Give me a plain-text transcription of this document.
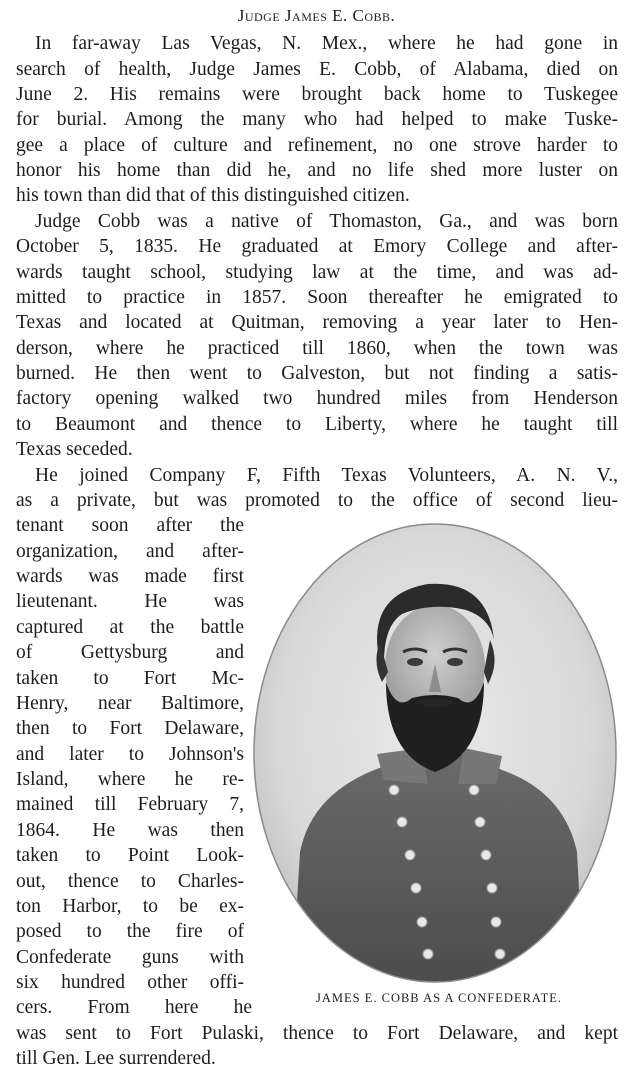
Judge James E. Cobb.
In far-away Las Vegas, N. Mex., where he had gone in
search of health, Judge James E. Cobb, of Alabama, died on
June 2. His remains were brought back home to Tuskegee
for burial. Among the many who had helped to make Tuske-
gee a place of culture and refinement, no one strove harder to
honor his home than did he, and no life shed more luster on
his town than did that of this distinguished citizen.
Judge Cobb was a native of Thomaston, Ga., and was born
October 5, 1835. He graduated at Emory College and after-
wards taught school, studying law at the time, and was ad-
mitted to practice in 1857. Soon thereafter he emigrated to
Texas and located at Quitman, removing a year later to Hen-
derson, where he practiced till 1860, when the town was
burned. He then went to Galveston, but not finding a satis-
factory opening walked two hundred miles from Henderson
to Beaumont and thence to Liberty, where he taught till
Texas seceded.
He joined Company F, Fifth Texas Volunteers, A. N. V.,
as a private, but was promoted to the office of second lieu-
tenant soon after the
organization, and after-
wards was made first
lieutenant. He was
captured at the battle
of Gettysburg and
taken to Fort Mc-
Henry, near Baltimore,
then to Fort Delaware,
and later to Johnson's
Island, where he re-
mained till February 7,
1864. He was then
taken to Point Look-
out, thence to Charles-
ton Harbor, to be ex-
posed to the fire of
Confederate guns with
six hundred other offi-
cers. From here he
was sent to Fort Pulaski, thence to Fort Delaware, and kept
till Gen. Lee surrendered.
JAMES E. COBB AS A CONFEDERATE.
